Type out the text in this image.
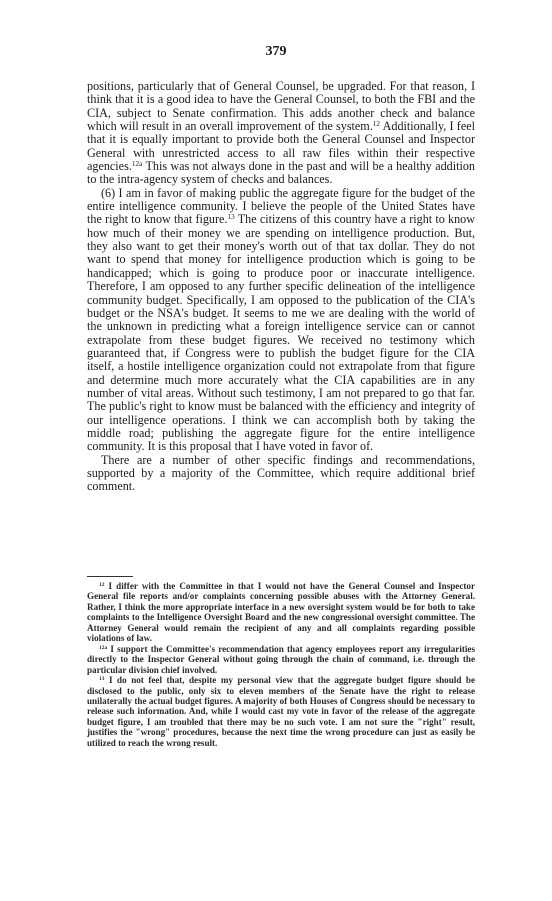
379

positions, particularly that of General Counsel, be upgraded. For that reason, I think that it is a good idea to have the General Counsel, to both the FBI and the CIA, subject to Senate confirmation. This adds another check and balance which will result in an overall improvement of the system.$^{12}$ Additionally, I feel that it is equally important to provide both the General Counsel and Inspector General with unrestricted access to all raw files within their respective agencies.$^{12a}$ This was not always done in the past and will be a healthy addition to the intra-agency system of checks and balances.

(6) I am in favor of making public the aggregate figure for the budget of the entire intelligence community. I believe the people of the United States have the right to know that figure.$^{13}$ The citizens of this country have a right to know how much of their money we are spending on intelligence production. But, they also want to get their money's worth out of that tax dollar. They do not want to spend that money for intelligence production which is going to be handicapped; which is going to produce poor or inaccurate intelligence. Therefore, I am opposed to any further specific delineation of the intelligence community budget. Specifically, I am opposed to the publication of the CIA's budget or the NSA's budget. It seems to me we are dealing with the world of the unknown in predicting what a foreign intelligence service can or cannot extrapolate from these budget figures. We received no testimony which guaranteed that, if Congress were to publish the budget figure for the CIA itself, a hostile intelligence organization could not extrapolate from that figure and determine much more accurately what the CIA capabilities are in any number of vital areas. Without such testimony, I am not prepared to go that far. The public's right to know must be balanced with the efficiency and integrity of our intelligence operations. I think we can accomplish both by taking the middle road; publishing the aggregate figure for the entire intelligence community. It is this proposal that I have voted in favor of.

There are a number of other specific findings and recommendations, supported by a majority of the Committee, which require additional brief comment.

$^{12}$ I differ with the Committee in that I would not have the General Counsel and Inspector General file reports and/or complaints concerning possible abuses with the Attorney General. Rather, I think the more appropriate interface in a new oversight system would be for both to take complaints to the Intelligence Oversight Board and the new congressional oversight committee. The Attorney General would remain the recipient of any and all complaints regarding possible violations of law.

$^{12a}$ I support the Committee's recommendation that agency employees report any irregularities directly to the Inspector General without going through the chain of command, i.e. through the particular division chief involved.

$^{13}$ I do not feel that, despite my personal view that the aggregate budget figure should be disclosed to the public, only six to eleven members of the Senate have the right to release unilaterally the actual budget figures. A majority of both Houses of Congress should be necessary to release such information. And, while I would cast my vote in favor of the release of the aggregate budget figure, I am troubled that there may be no such vote. I am not sure the "right" result, justifies the "wrong" procedures, because the next time the wrong procedure can just as easily be utilized to reach the wrong result.
